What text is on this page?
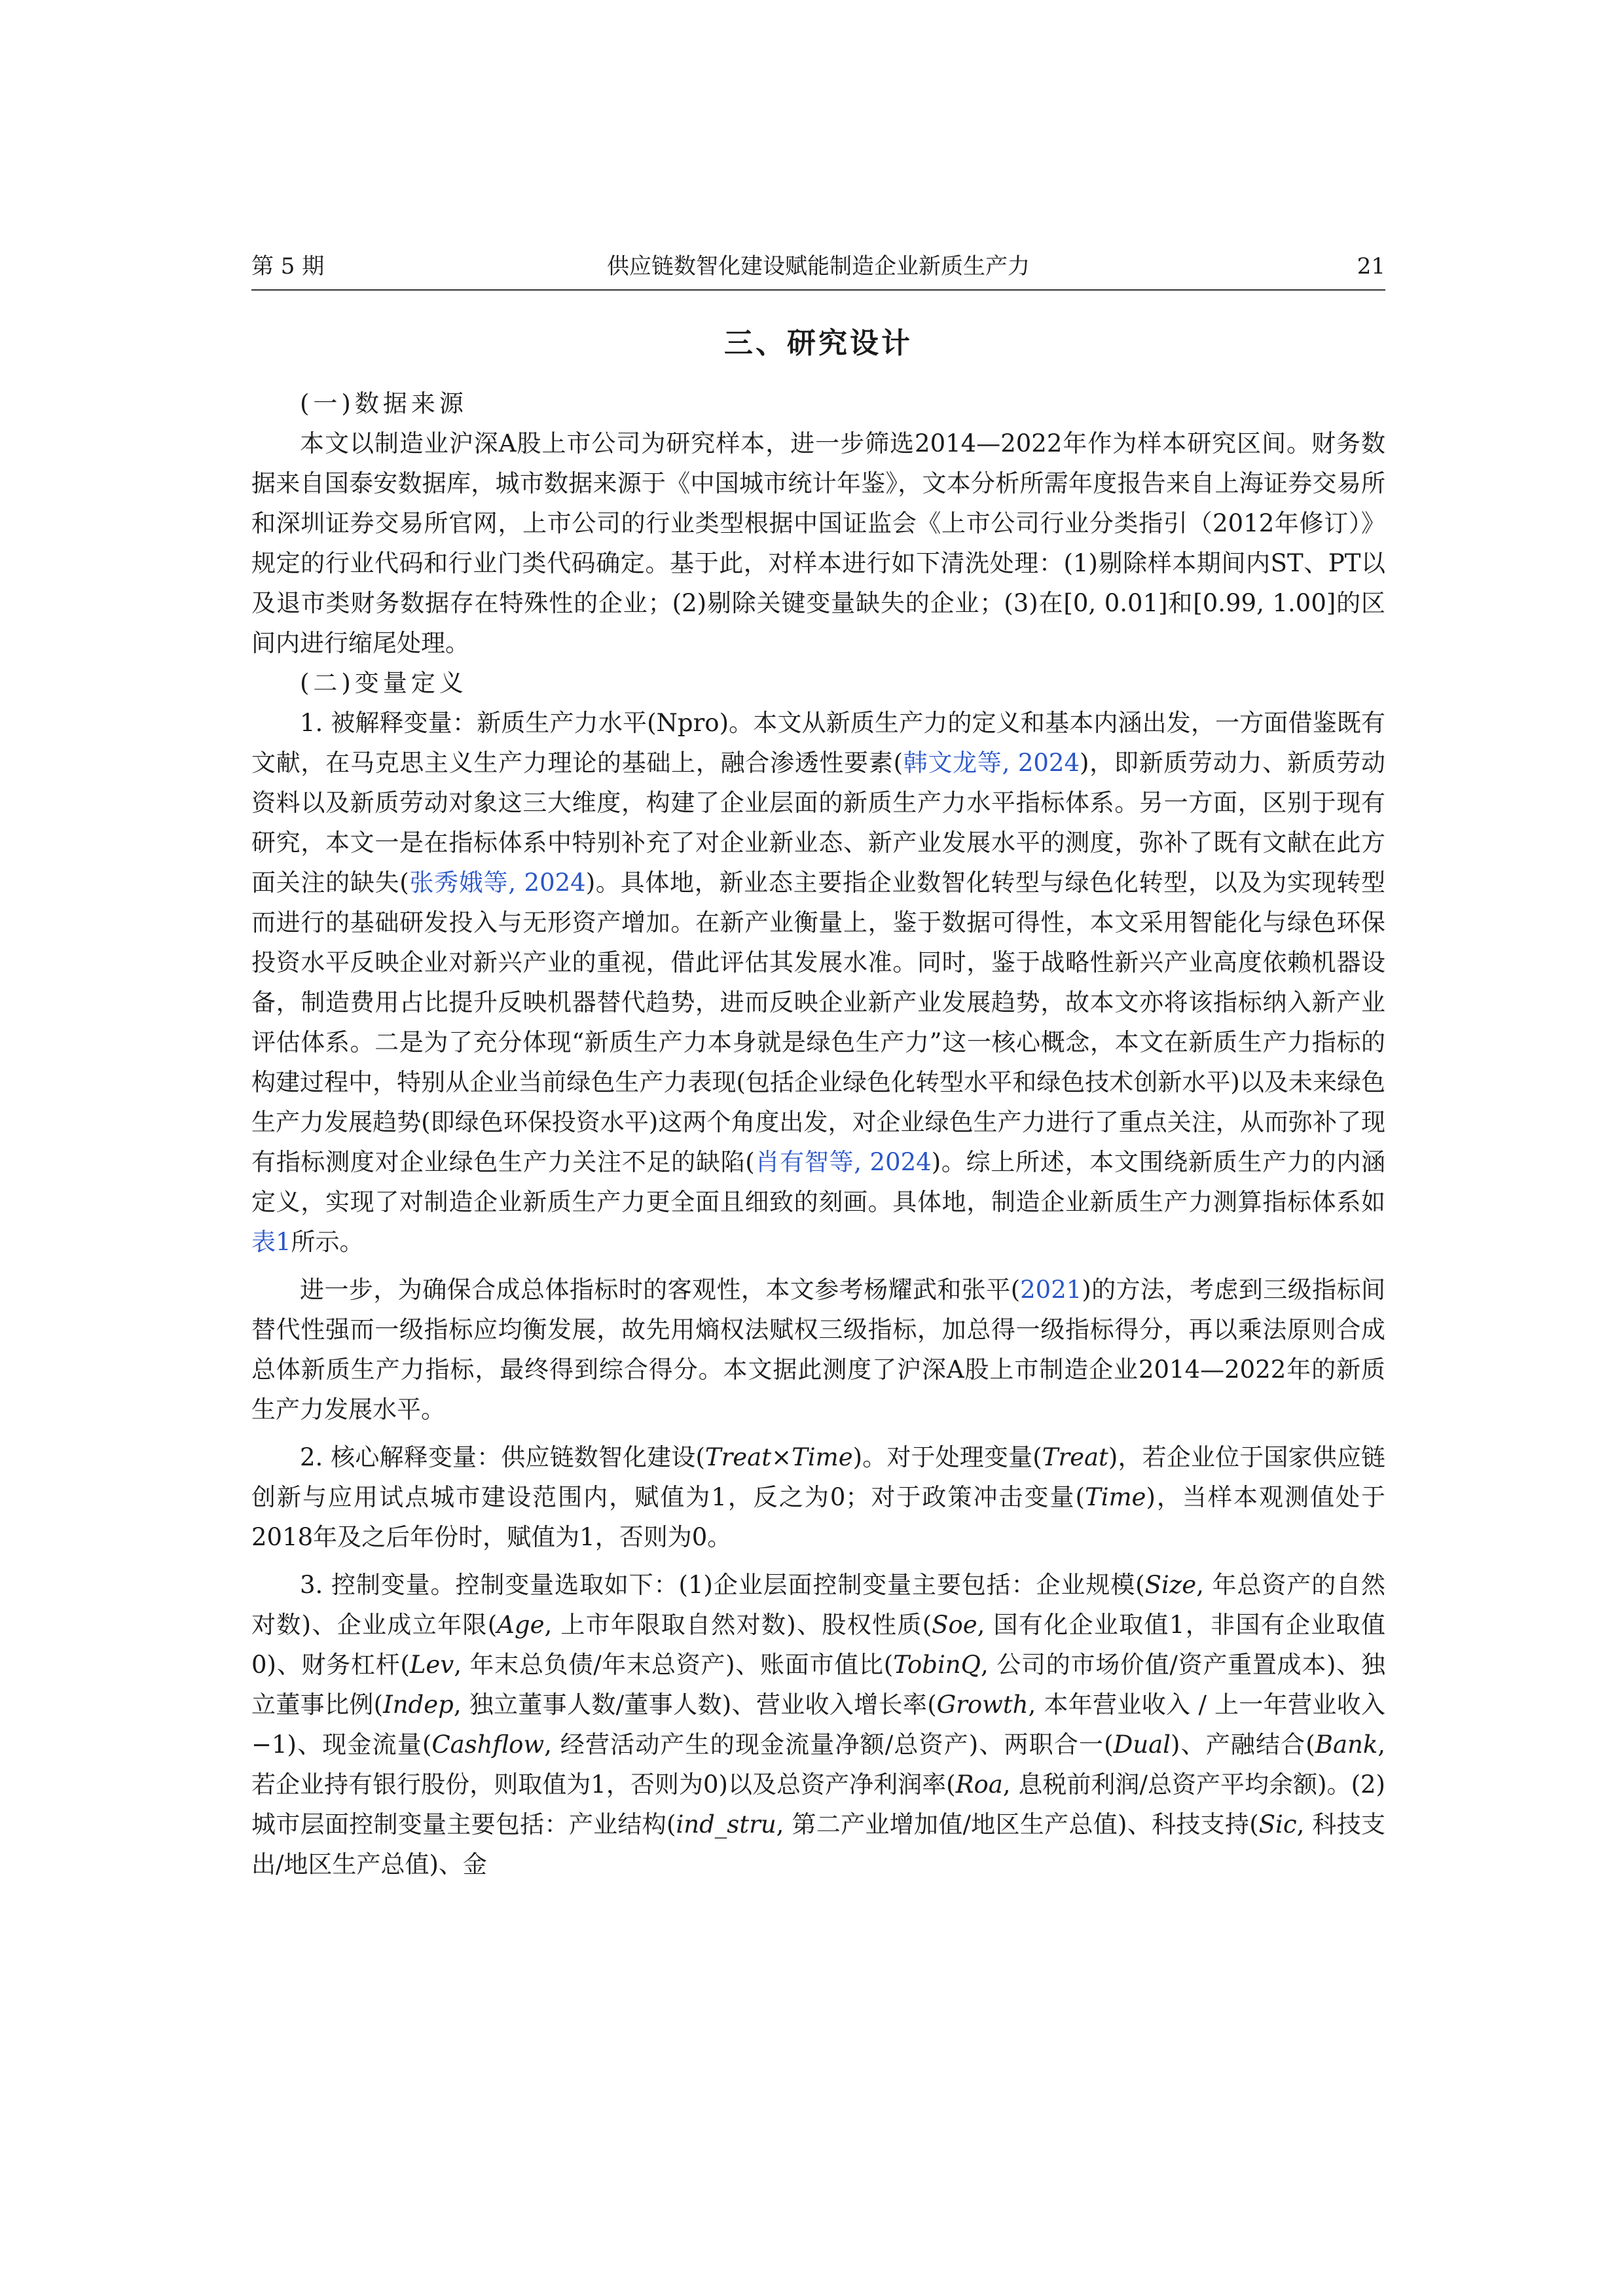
第 5 期	供应链数智化建设赋能制造企业新质生产力	21
三、研究设计

(一)数据来源

本文以制造业沪深A股上市公司为研究样本，进一步筛选2014—2022年作为样本研究区间。财务数据来自国泰安数据库，城市数据来源于《中国城市统计年鉴》，文本分析所需年度报告来自上海证券交易所和深圳证券交易所官网，上市公司的行业类型根据中国证监会《上市公司行业分类指引（2012年修订）》规定的行业代码和行业门类代码确定。基于此，对样本进行如下清洗处理：(1)剔除样本期间内ST、PT以及退市类财务数据存在特殊性的企业；(2)剔除关键变量缺失的企业；(3)在[0, 0.01]和[0.99, 1.00]的区间内进行缩尾处理。

(二)变量定义

1. 被解释变量：新质生产力水平(Npro)。本文从新质生产力的定义和基本内涵出发，一方面借鉴既有文献，在马克思主义生产力理论的基础上，融合渗透性要素(韩文龙等, 2024)，即新质劳动力、新质劳动资料以及新质劳动对象这三大维度，构建了企业层面的新质生产力水平指标体系。另一方面，区别于现有研究，本文一是在指标体系中特别补充了对企业新业态、新产业发展水平的测度，弥补了既有文献在此方面关注的缺失(张秀娥等, 2024)。具体地，新业态主要指企业数智化转型与绿色化转型，以及为实现转型而进行的基础研发投入与无形资产增加。在新产业衡量上，鉴于数据可得性，本文采用智能化与绿色环保投资水平反映企业对新兴产业的重视，借此评估其发展水准。同时，鉴于战略性新兴产业高度依赖机器设备，制造费用占比提升反映机器替代趋势，进而反映企业新产业发展趋势，故本文亦将该指标纳入新产业评估体系。二是为了充分体现“新质生产力本身就是绿色生产力”这一核心概念，本文在新质生产力指标的构建过程中，特别从企业当前绿色生产力表现(包括企业绿色化转型水平和绿色技术创新水平)以及未来绿色生产力发展趋势(即绿色环保投资水平)这两个角度出发，对企业绿色生产力进行了重点关注，从而弥补了现有指标测度对企业绿色生产力关注不足的缺陷(肖有智等, 2024)。综上所述，本文围绕新质生产力的内涵定义，实现了对制造企业新质生产力更全面且细致的刻画。具体地，制造企业新质生产力测算指标体系如表1所示。

进一步，为确保合成总体指标时的客观性，本文参考杨耀武和张平(2021)的方法，考虑到三级指标间替代性强而一级指标应均衡发展，故先用熵权法赋权三级指标，加总得一级指标得分，再以乘法原则合成总体新质生产力指标，最终得到综合得分。本文据此测度了沪深A股上市制造企业2014—2022年的新质生产力发展水平。

2. 核心解释变量：供应链数智化建设(Treat×Time)。对于处理变量(Treat)，若企业位于国家供应链创新与应用试点城市建设范围内，赋值为1，反之为0；对于政策冲击变量(Time)，当样本观测值处于2018年及之后年份时，赋值为1，否则为0。

3. 控制变量。控制变量选取如下：(1)企业层面控制变量主要包括：企业规模(Size, 年总资产的自然对数)、企业成立年限(Age, 上市年限取自然对数)、股权性质(Soe, 国有化企业取值1，非国有企业取值0)、财务杠杆(Lev, 年末总负债/年末总资产)、账面市值比(TobinQ, 公司的市场价值/资产重置成本)、独立董事比例(Indep, 独立董事人数/董事人数)、营业收入增长率(Growth, 本年营业收入 / 上一年营业收入−1)、现金流量(Cashflow, 经营活动产生的现金流量净额/总资产)、两职合一(Dual)、产融结合(Bank, 若企业持有银行股份，则取值为1，否则为0)以及总资产净利润率(Roa, 息税前利润/总资产平均余额)。(2)城市层面控制变量主要包括：产业结构(ind_stru, 第二产业增加值/地区生产总值)、科技支持(Sic, 科技支出/地区生产总值)、金
